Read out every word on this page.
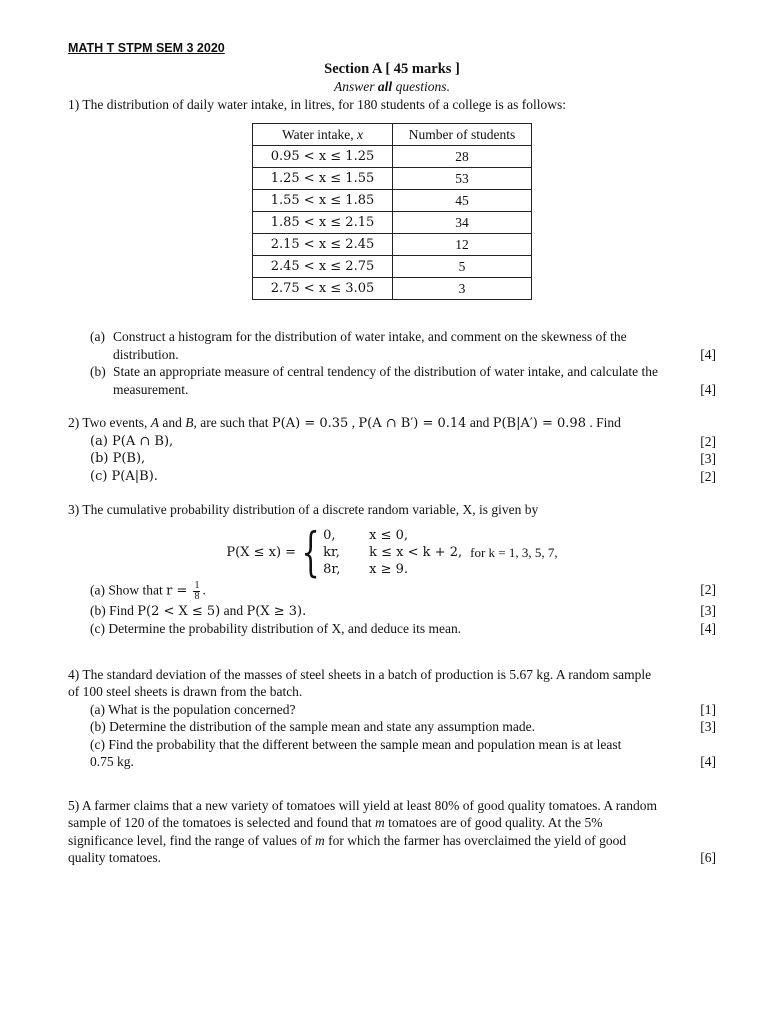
MATH T STPM SEM 3 2020
Section A [ 45 marks ]
Answer all questions.
1) The distribution of daily water intake, in litres, for 180 students of a college is as follows:
Water intake, x	Number of students
0.95 < x ≤ 1.25	28
1.25 < x ≤ 1.55	53
1.55 < x ≤ 1.85	45
1.85 < x ≤ 2.15	34
2.15 < x ≤ 2.45	12
2.45 < x ≤ 2.75	5
2.75 < x ≤ 3.05	3
(a) Construct a histogram for the distribution of water intake, and comment on the skewness of the
distribution.	[4]
(b) State an appropriate measure of central tendency of the distribution of water intake, and calculate the
measurement.	[4]
2) Two events, A and B, are such that P(A) = 0.35 , P(A ∩ B′) = 0.14 and P(B|A′) = 0.98 . Find
(a) P(A ∩ B),	[2]
(b) P(B),	[3]
(c) P(A|B).	[2]
3) The cumulative probability distribution of a discrete random variable, X, is given by
P(X ≤ x) = { 0,	x ≤ 0,
kr,	k ≤ x < k + 2, for k = 1, 3, 5, 7,
8r,	x ≥ 9.
(a) Show that $r = \frac{1}{8}$ .	[2]
(b) Find P(2 < X ≤ 5) and P(X ≥ 3).	[3]
(c) Determine the probability distribution of X, and deduce its mean.	[4]
4) The standard deviation of the masses of steel sheets in a batch of production is 5.67 kg. A random sample
of 100 steel sheets is drawn from the batch.
(a) What is the population concerned?	[1]
(b) Determine the distribution of the sample mean and state any assumption made.	[3]
(c) Find the probability that the different between the sample mean and population mean is at least
0.75 kg.	[4]
5) A farmer claims that a new variety of tomatoes will yield at least 80% of good quality tomatoes. A random
sample of 120 of the tomatoes is selected and found that m tomatoes are of good quality. At the 5%
significance level, find the range of values of m for which the farmer has overclaimed the yield of good
quality tomatoes.	[6]
